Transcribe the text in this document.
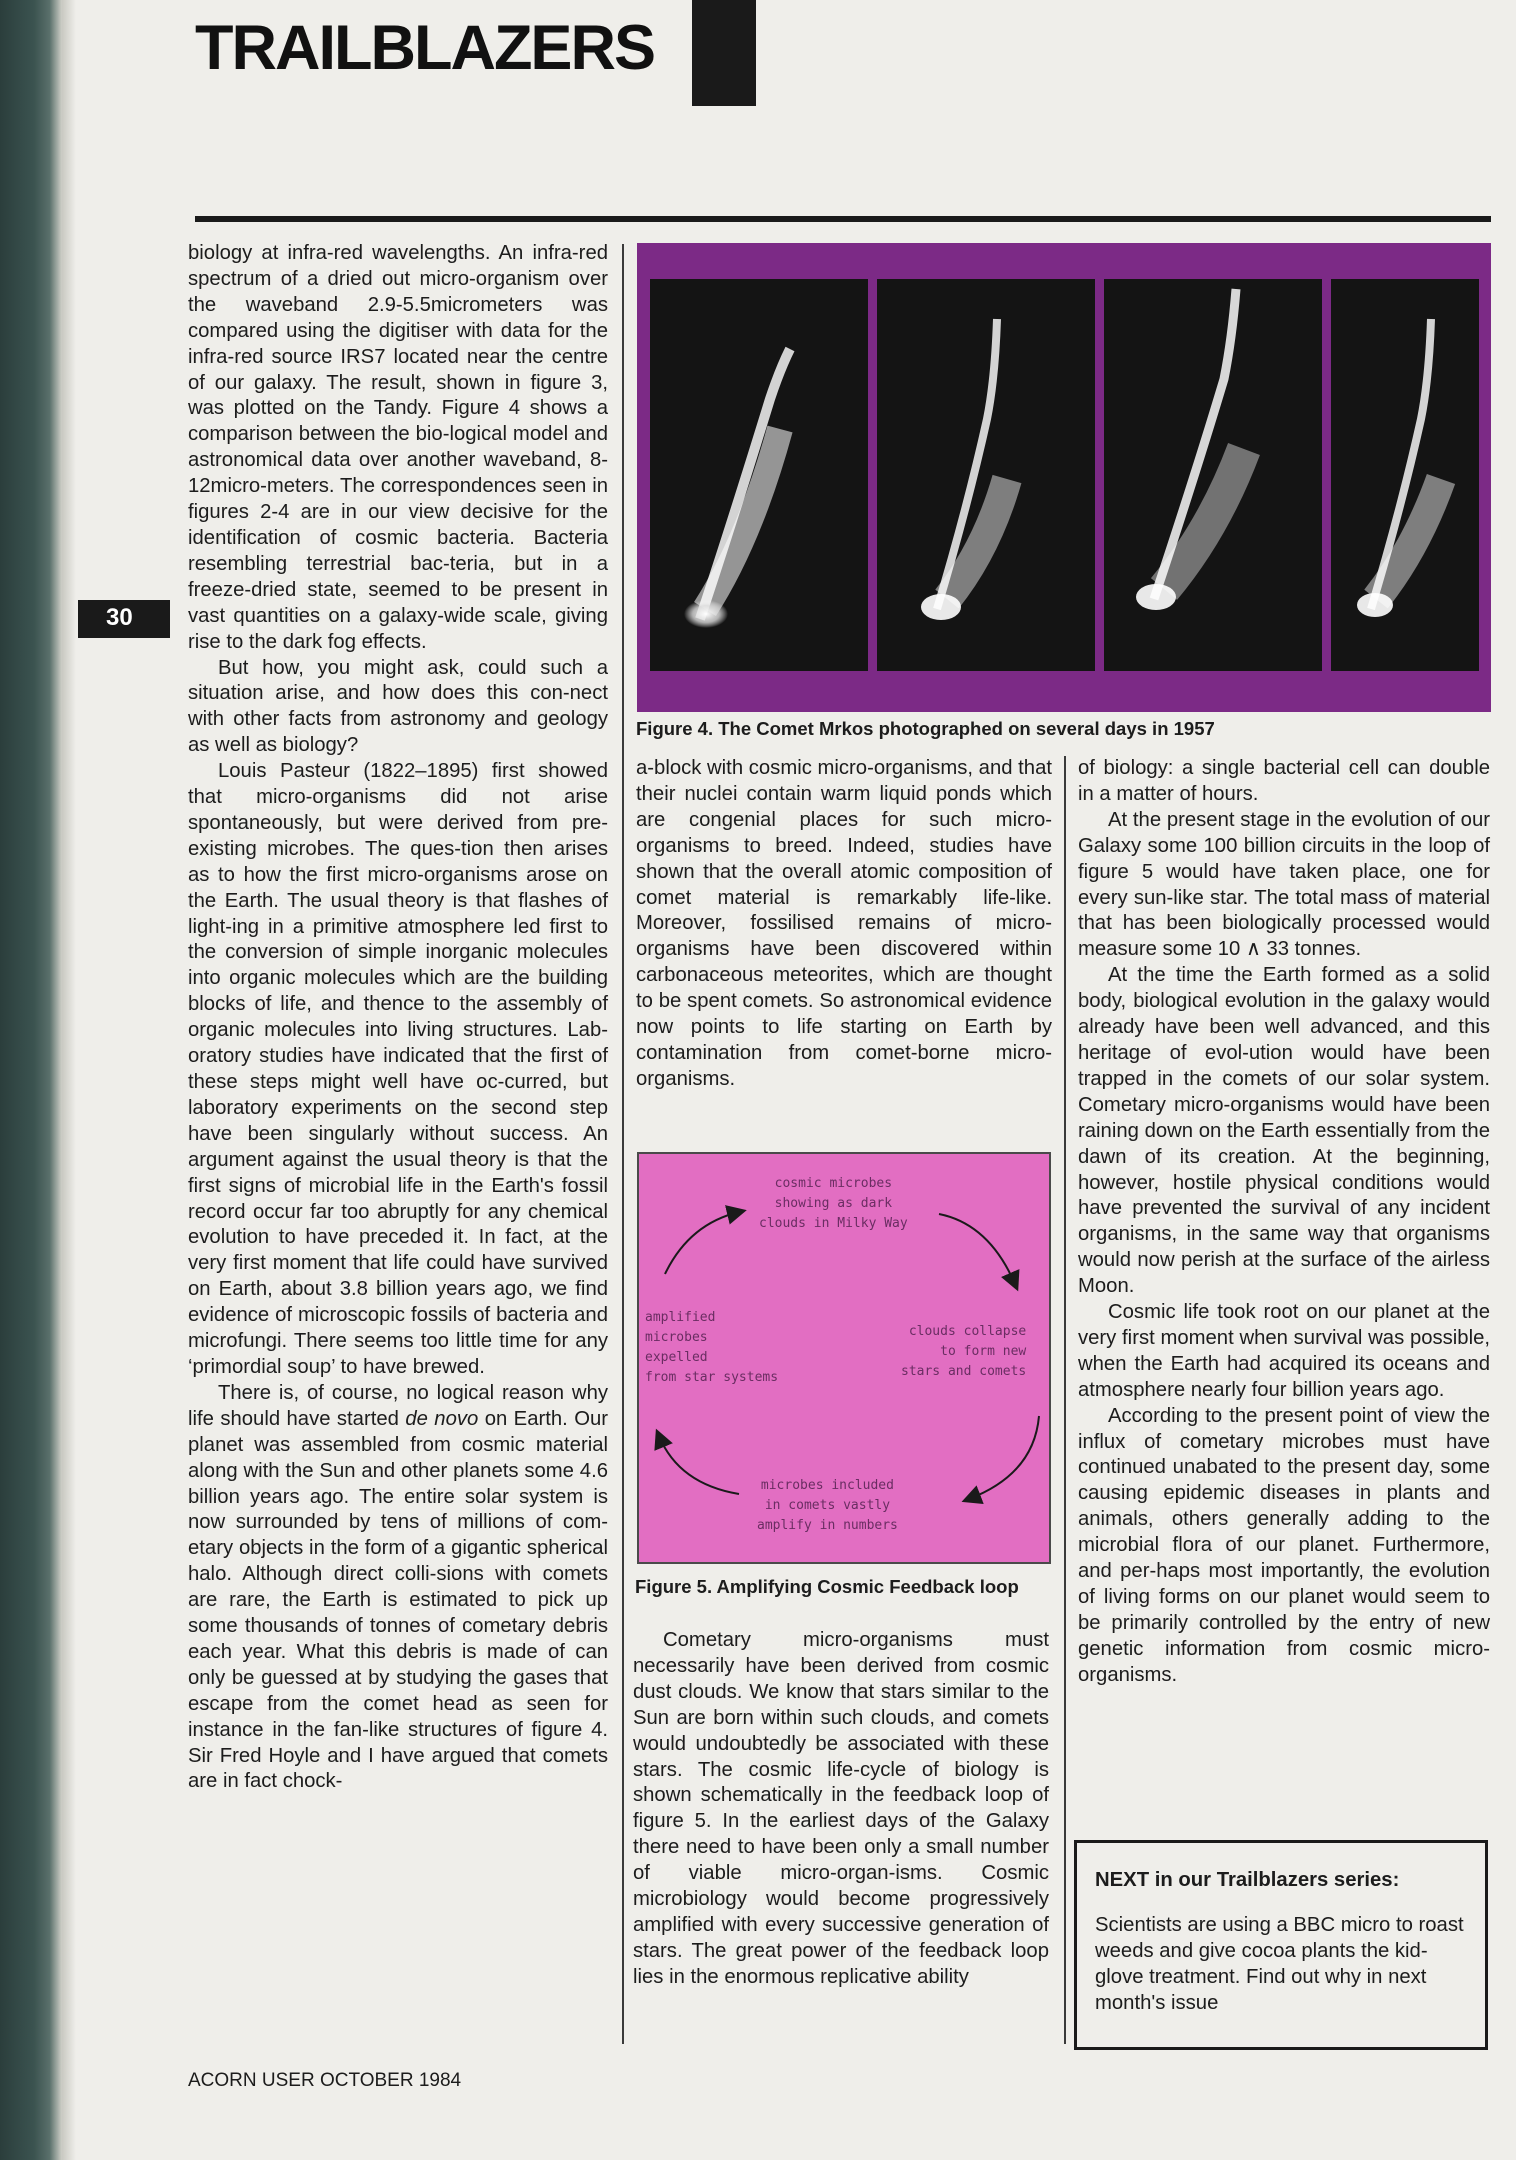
TRAILBLAZERS
30

biology at infra-red wavelengths. An infra-red spectrum of a dried out micro-organism over the waveband 2.9-5.5micrometers was compared using the digitiser with data for the infra-red source IRS7 located near the centre of our galaxy. The result, shown in figure 3, was plotted on the Tandy. Figure 4 shows a comparison between the bio-logical model and astronomical data over another waveband, 8-12micro-meters. The correspondences seen in figures 2-4 are in our view decisive for the identification of cosmic bacteria. Bacteria resembling terrestrial bac-teria, but in a freeze-dried state, seemed to be present in vast quantities on a galaxy-wide scale, giving rise to the dark fog effects.

But how, you might ask, could such a situation arise, and how does this con-nect with other facts from astronomy and geology as well as biology?

Louis Pasteur (1822–1895) first showed that micro-organisms did not arise spontaneously, but were derived from pre-existing microbes. The ques-tion then arises as to how the first micro-organisms arose on the Earth. The usual theory is that flashes of light-ing in a primitive atmosphere led first to the conversion of simple inorganic molecules into organic molecules which are the building blocks of life, and thence to the assembly of organic molecules into living structures. Lab-oratory studies have indicated that the first of these steps might well have oc-curred, but laboratory experiments on the second step have been singularly without success. An argument against the usual theory is that the first signs of microbial life in the Earth's fossil record occur far too abruptly for any chemical evolution to have preceded it. In fact, at the very first moment that life could have survived on Earth, about 3.8 billion years ago, we find evidence of microscopic fossils of bacteria and microfungi. There seems too little time for any ‘primordial soup’ to have brewed.

There is, of course, no logical reason why life should have started de novo on Earth. Our planet was assembled from cosmic material along with the Sun and other planets some 4.6 billion years ago. The entire solar system is now surrounded by tens of millions of com-etary objects in the form of a gigantic spherical halo. Although direct colli-sions with comets are rare, the Earth is estimated to pick up some thousands of tonnes of cometary debris each year. What this debris is made of can only be guessed at by studying the gases that escape from the comet head as seen for instance in the fan-like structures of figure 4. Sir Fred Hoyle and I have argued that comets are in fact chock-

Figure 4. The Comet Mrkos photographed on several days in 1957

a-block with cosmic micro-organisms, and that their nuclei contain warm liquid ponds which are congenial places for such micro-organisms to breed. Indeed, studies have shown that the overall atomic composition of comet material is remarkably life-like. Moreover, fossilised remains of micro-organisms have been discovered within carbonaceous meteorites, which are thought to be spent comets. So astronomical evidence now points to life starting on Earth by contamination from comet-borne micro-organisms.

cosmic microbes
showing as dark
clouds in Milky Way
clouds collapse
to form new
stars and comets
microbes included
in comets vastly
amplify in numbers
amplified
microbes
expelled
from star systems
Figure 5. Amplifying Cosmic Feedback loop

Cometary micro-organisms must necessarily have been derived from cosmic dust clouds. We know that stars similar to the Sun are born within such clouds, and comets would undoubtedly be associated with these stars. The cosmic life-cycle of biology is shown schematically in the feedback loop of figure 5. In the earliest days of the Galaxy there need to have been only a small number of viable micro-organ-isms. Cosmic microbiology would become progressively amplified with every successive generation of stars. The great power of the feedback loop lies in the enormous replicative ability

of biology: a single bacterial cell can double in a matter of hours.

At the present stage in the evolution of our Galaxy some 100 billion circuits in the loop of figure 5 would have taken place, one for every sun-like star. The total mass of material that has been biologically processed would measure some 10 ∧ 33 tonnes.

At the time the Earth formed as a solid body, biological evolution in the galaxy would already have been well advanced, and this heritage of evol-ution would have been trapped in the comets of our solar system. Cometary micro-organisms would have been raining down on the Earth essentially from the dawn of its creation. At the beginning, however, hostile physical conditions would have prevented the survival of any incident organisms, in the same way that organisms would now perish at the surface of the airless Moon.

Cosmic life took root on our planet at the very first moment when survival was possible, when the Earth had acquired its oceans and atmosphere nearly four billion years ago.

According to the present point of view the influx of cometary microbes must have continued unabated to the present day, some causing epidemic diseases in plants and animals, others generally adding to the microbial flora of our planet. Furthermore, and per-haps most importantly, the evolution of living forms on our planet would seem to be primarily controlled by the entry of new genetic information from cosmic micro-organisms.

NEXT in our Trailblazers series:
Scientists are using a BBC micro to roast weeds and give cocoa plants the kid-glove treatment. Find out why in next month's issue
ACORN USER OCTOBER 1984
